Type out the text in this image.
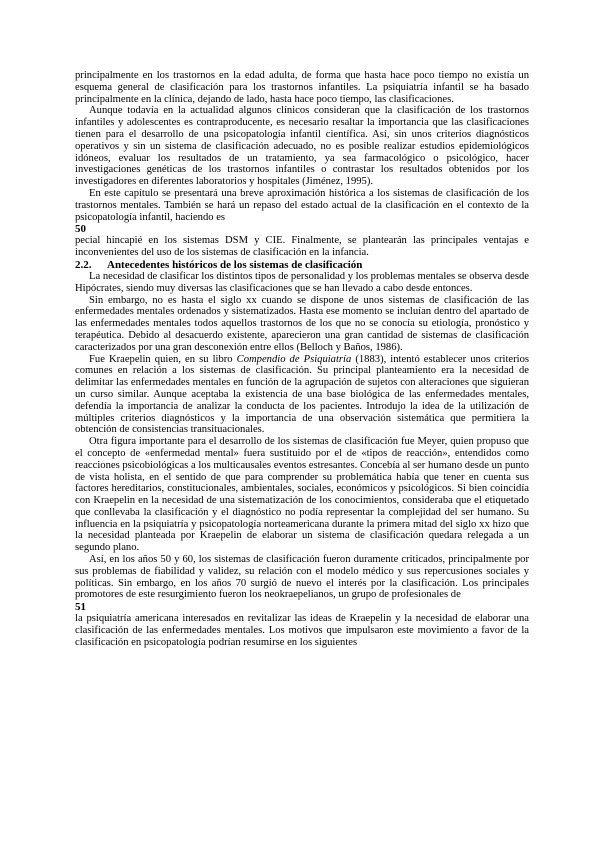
principalmente en los trastornos en la edad adulta, de forma que hasta hace poco tiempo no existía un esquema general de clasificación para los trastornos infantiles. La psiquiatría infantil se ha basado principalmente en la clínica, dejando de lado, hasta hace poco tiempo, las clasificaciones.

Aunque todavía en la actualidad algunos clínicos consideran que la clasificación de los trastornos infantiles y adolescentes es contraproducente, es necesario resaltar la importancia que las clasificaciones tienen para el desarrollo de una psicopatología infantil científica. Así, sin unos criterios diagnósticos operativos y sin un sistema de clasificación adecuado, no es posible realizar estudios epidemiológicos idóneos, evaluar los resultados de un tratamiento, ya sea farmacológico o psicológico, hacer investigaciones genéticas de los trastornos infantiles o contrastar los resultados obtenidos por los investigadores en diferentes laboratorios y hospitales (Jiménez, 1995).

En este capítulo se presentará una breve aproximación histórica a los sistemas de clasificación de los trastornos mentales. También se hará un repaso del estado actual de la clasificación en el contexto de la psicopatología infantil, haciendo es

50

pecial hincapié en los sistemas DSM y CIE. Finalmente, se plantearán las principales ventajas e inconvenientes del uso de los sistemas de clasificación en la infancia.

2.2. Antecedentes históricos de los sistemas de clasificación

La necesidad de clasificar los distintos tipos de personalidad y los problemas mentales se observa desde Hipócrates, siendo muy diversas las clasificaciones que se han llevado a cabo desde entonces.

Sin embargo, no es hasta el siglo xx cuando se dispone de unos sistemas de clasificación de las enfermedades mentales ordenados y sistematizados. Hasta ese momento se incluían dentro del apartado de las enfermedades mentales todos aquellos trastornos de los que no se conocía su etiología, pronóstico y terapéutica. Debido al desacuerdo existente, aparecieron una gran cantidad de sistemas de clasificación caracterizados por una gran desconexión entre ellos (Belloch y Baños, 1986).

Fue Kraepelin quien, en su libro Compendio de Psiquiatría (1883), intentó establecer unos criterios comunes en relación a los sistemas de clasificación. Su principal planteamiento era la necesidad de delimitar las enfermedades mentales en función de la agrupación de sujetos con alteraciones que siguieran un curso similar. Aunque aceptaba la existencia de una base biológica de las enfermedades mentales, defendía la importancia de analizar la conducta de los pacientes. Introdujo la idea de la utilización de múltiples criterios diagnósticos y la importancia de una observación sistemática que permitiera la obtención de consistencias transituacionales.

Otra figura importante para el desarrollo de los sistemas de clasificación fue Meyer, quien propuso que el concepto de «enfermedad mental» fuera sustituido por el de «tipos de reacción», entendidos como reacciones psicobiológicas a los multicausales eventos estresantes. Concebía al ser humano desde un punto de vista holista, en el sentido de que para comprender su problemática había que tener en cuenta sus factores hereditarios, constitucionales, ambientales, sociales, económicos y psicológicos. Si bien coincidía con Kraepelin en la necesidad de una sistematización de los conocimientos, consideraba que el etiquetado que conllevaba la clasificación y el diagnóstico no podía representar la complejidad del ser humano. Su influencia en la psiquiatría y psicopatología norteamericana durante la primera mitad del siglo xx hizo que la necesidad planteada por Kraepelin de elaborar un sistema de clasificación quedara relegada a un segundo plano.

Así, en los años 50 y 60, los sistemas de clasificación fueron duramente criticados, principalmente por sus problemas de fiabilidad y validez, su relación con el modelo médico y sus repercusiones sociales y políticas. Sin embargo, en los años 70 surgió de nuevo el interés por la clasificación. Los principales promotores de este resurgimiento fueron los neokraepelianos, un grupo de profesionales de

51

la psiquiatría americana interesados en revitalizar las ideas de Kraepelin y la necesidad de elaborar una clasificación de las enfermedades mentales. Los motivos que impulsaron este movimiento a favor de la clasificación en psicopatología podrían resumirse en los siguientes
